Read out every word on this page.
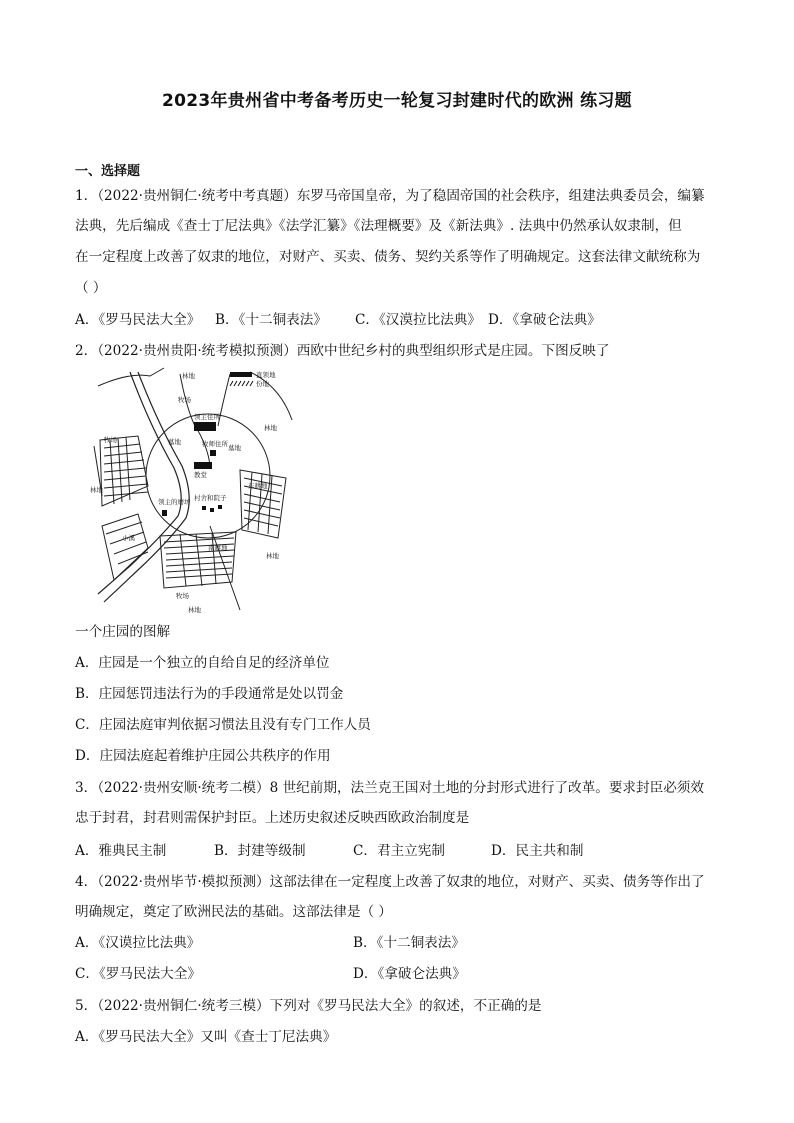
2023年贵州省中考备考历史一轮复习封建时代的欧洲 练习题
一、选择题
1．（2022·贵州铜仁·统考中考真题）东罗马帝国皇帝，为了稳固帝国的社会秩序，组建法典委员会，编纂
法典，先后编成《查士丁尼法典》《法学汇纂》《法理概要》及《新法典》. 法典中仍然承认奴隶制，但
在一定程度上改善了奴隶的地位，对财产、买卖、债务、契约关系等作了明确规定。这套法律文献统称为
（ ）
A．《罗马民法大全》 B．《十二铜表法》 C．《汉漠拉比法典》 D．《拿破仑法典》
2．（2022·贵州贵阳·统考模拟预测）西欧中世纪乡村的典型组织形式是庄园。下图反映了
直领地
份地
林地
牧场
林地
领主住所
牧师住所
教堂
墓地
墓地
牧场
林地	东耕地
领主的磨坊 村舍和院子
小溪
林地
南耕地
牧场
林地
一个庄园的图解
A．庄园是一个独立的自给自足的经济单位
B．庄园惩罚违法行为的手段通常是处以罚金
C．庄园法庭审判依据习惯法且没有专门工作人员
D．庄园法庭起着维护庄园公共秩序的作用
3．（2022·贵州安顺·统考二模）8 世纪前期，法兰克王国对土地的分封形式进行了改革。要求封臣必须效
忠于封君，封君则需保护封臣。上述历史叙述反映西欧政治制度是
A．雅典民主制	B．封建等级制	C．君主立宪制	D．民主共和制
4．（2022·贵州毕节·模拟预测）这部法律在一定程度上改善了奴隶的地位，对财产、买卖、债务等作出了
明确规定，奠定了欧洲民法的基础。这部法律是（ ）
A．《汉谟拉比法典》	B．《十二铜表法》
C．《罗马民法大全》	D．《拿破仑法典》
5．（2022·贵州铜仁·统考三模）下列对《罗马民法大全》的叙述，不正确的是
A．《罗马民法大全》又叫《查士丁尼法典》
